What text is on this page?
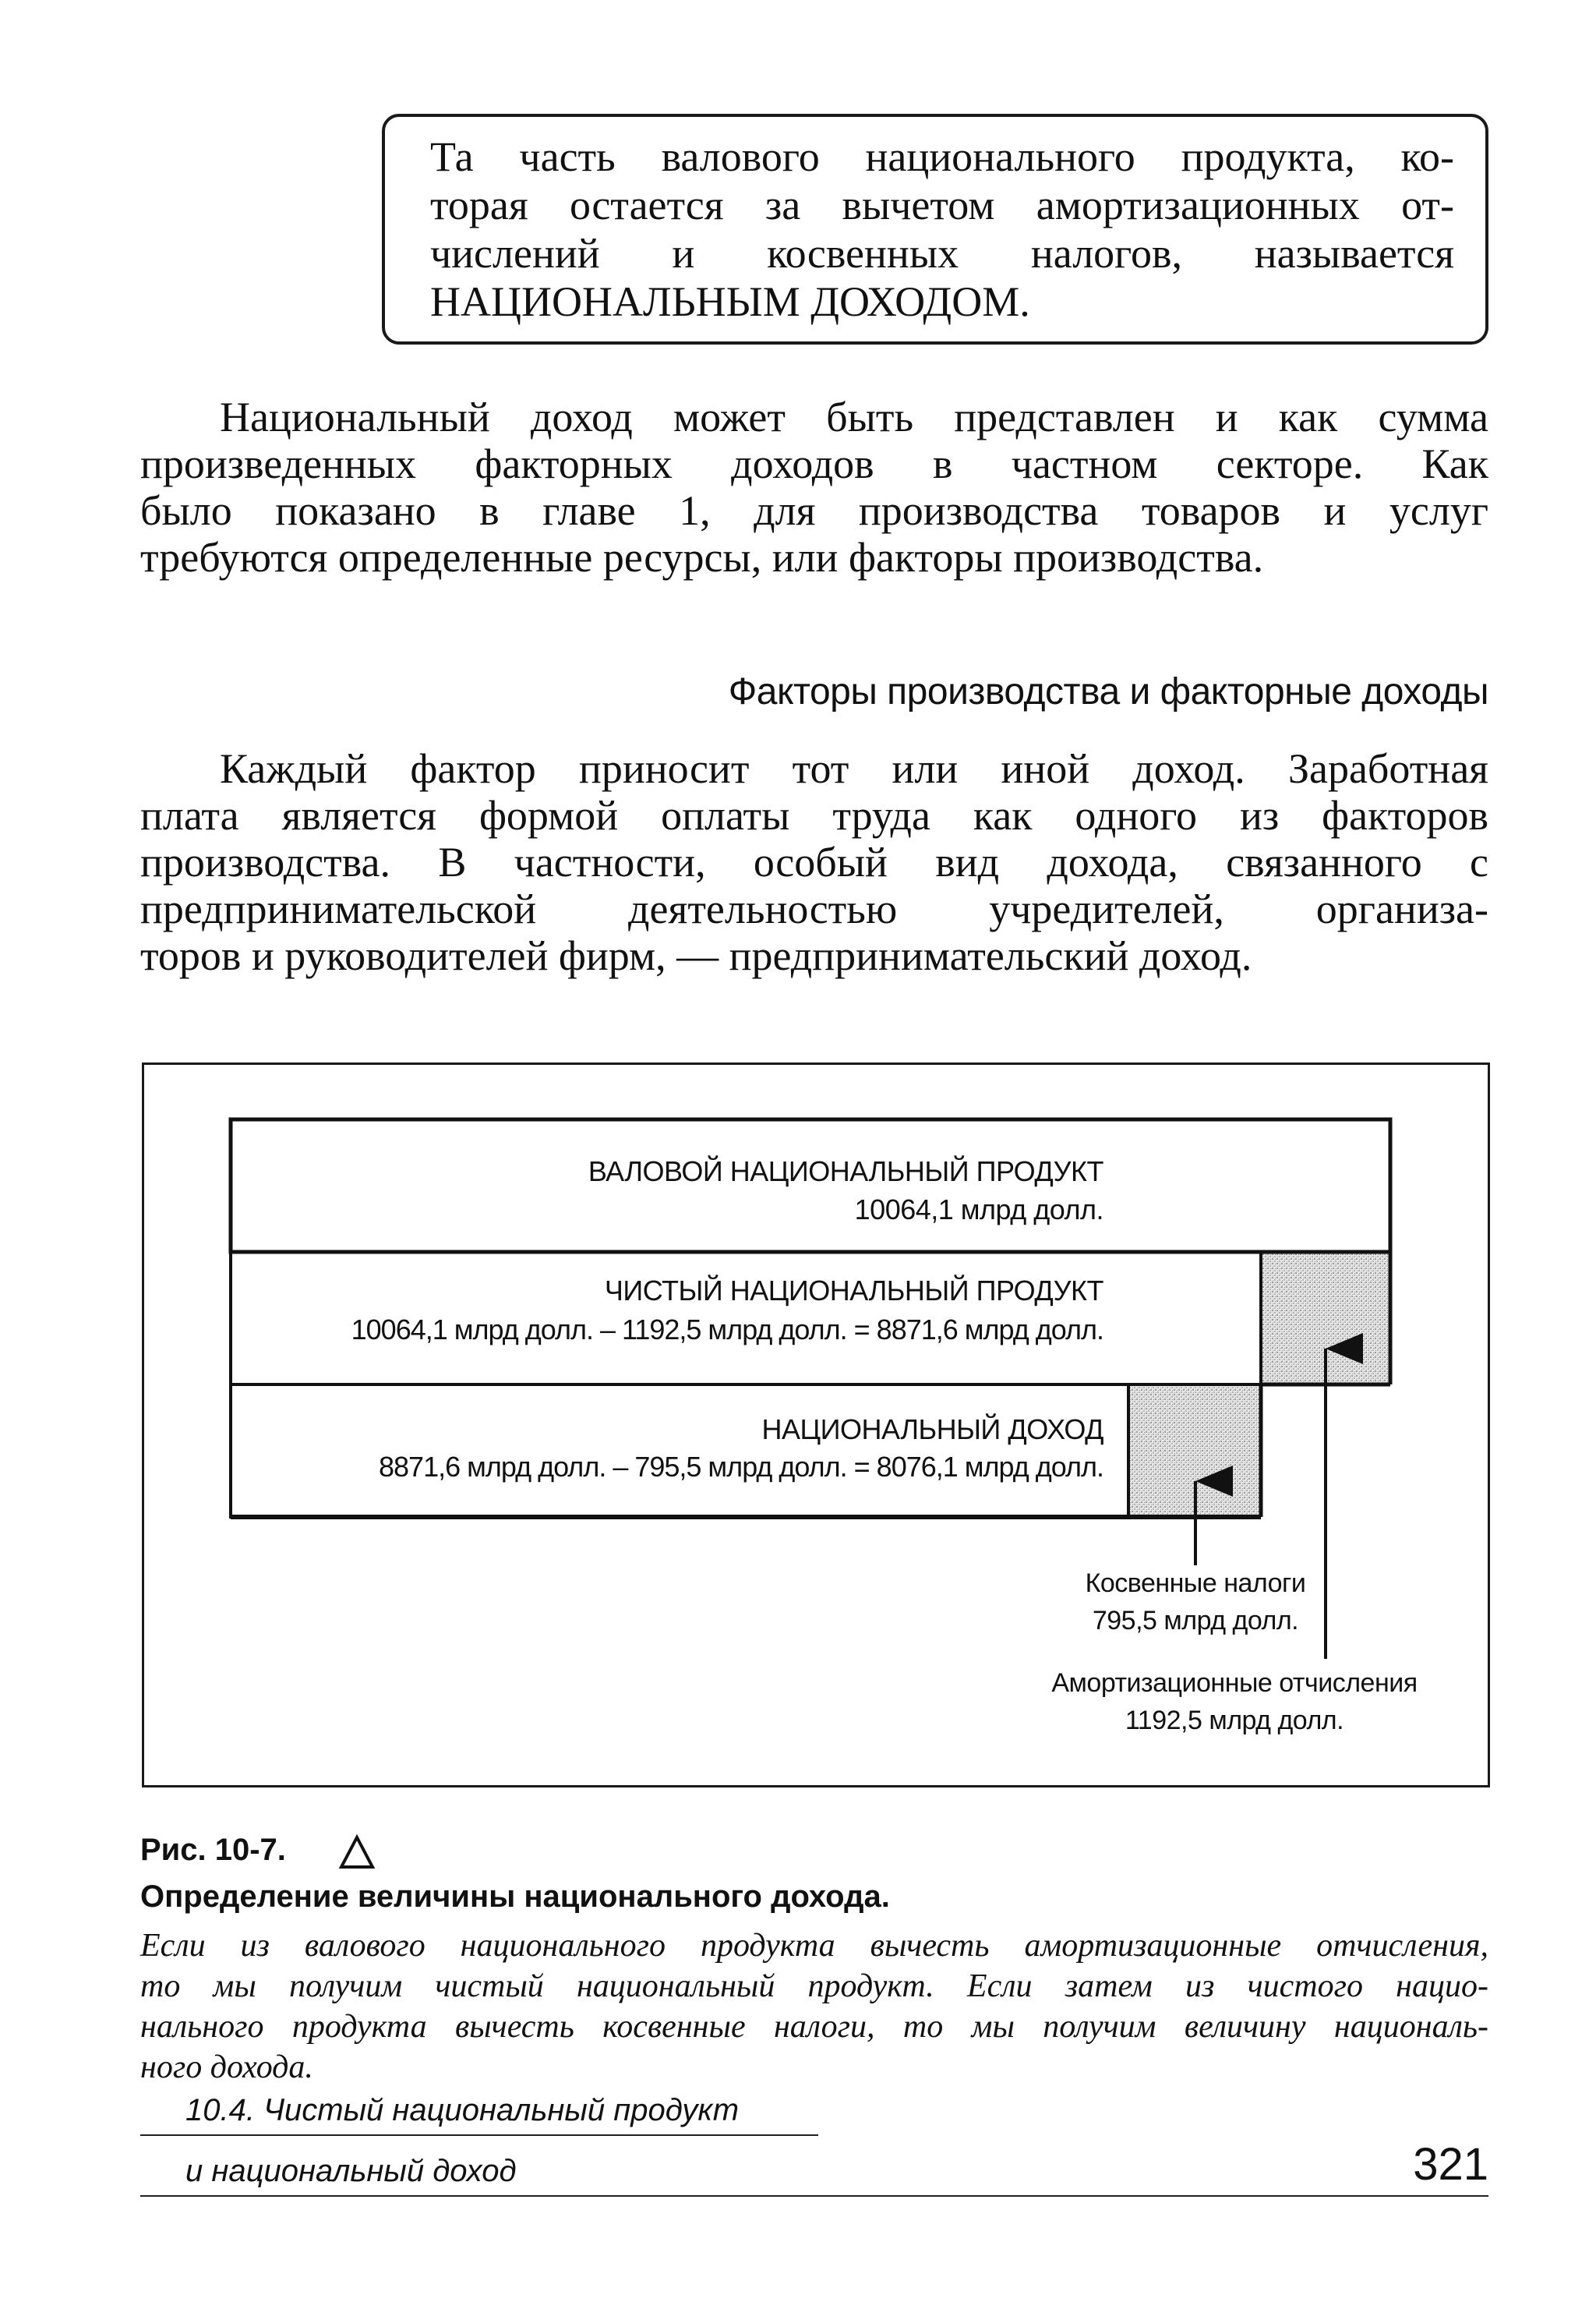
Та часть валового национального продукта, ко-
торая остается за вычетом амортизационных от-
числений и косвенных налогов, называется
НАЦИОНАЛЬНЫМ ДОХОДОМ.
Национальный доход может быть представлен и как сумма
произведенных факторных доходов в частном секторе. Как
было показано в главе 1, для производства товаров и услуг
требуются определенные ресурсы, или факторы производства.
Факторы производства и факторные доходы
Каждый фактор приносит тот или иной доход. Заработная
плата является формой оплаты труда как одного из факторов
производства. В частности, особый вид дохода, связанного с
предпринимательской деятельностью учредителей, организа-
торов и руководителей фирм, — предпринимательский доход.
ВАЛОВОЙ НАЦИОНАЛЬНЫЙ ПРОДУКТ
10064,1 млрд долл.
ЧИСТЫЙ НАЦИОНАЛЬНЫЙ ПРОДУКТ
10064,1 млрд долл. – 1192,5 млрд долл. = 8871,6 млрд долл.
НАЦИОНАЛЬНЫЙ ДОХОД
8871,6 млрд долл. – 795,5 млрд долл. = 8076,1 млрд долл.
Косвенные налоги
795,5 млрд долл.
Амортизационные отчисления
1192,5 млрд долл.
Рис. 10-7.
Определение величины национального дохода.
Если из валового национального продукта вычесть амортизационные отчисления,
то мы получим чистый национальный продукт. Если затем из чистого нацио-
нального продукта вычесть косвенные налоги, то мы получим величину националь-
ного дохода.
10.4. Чистый национальный продукт
и национальный доход	321
